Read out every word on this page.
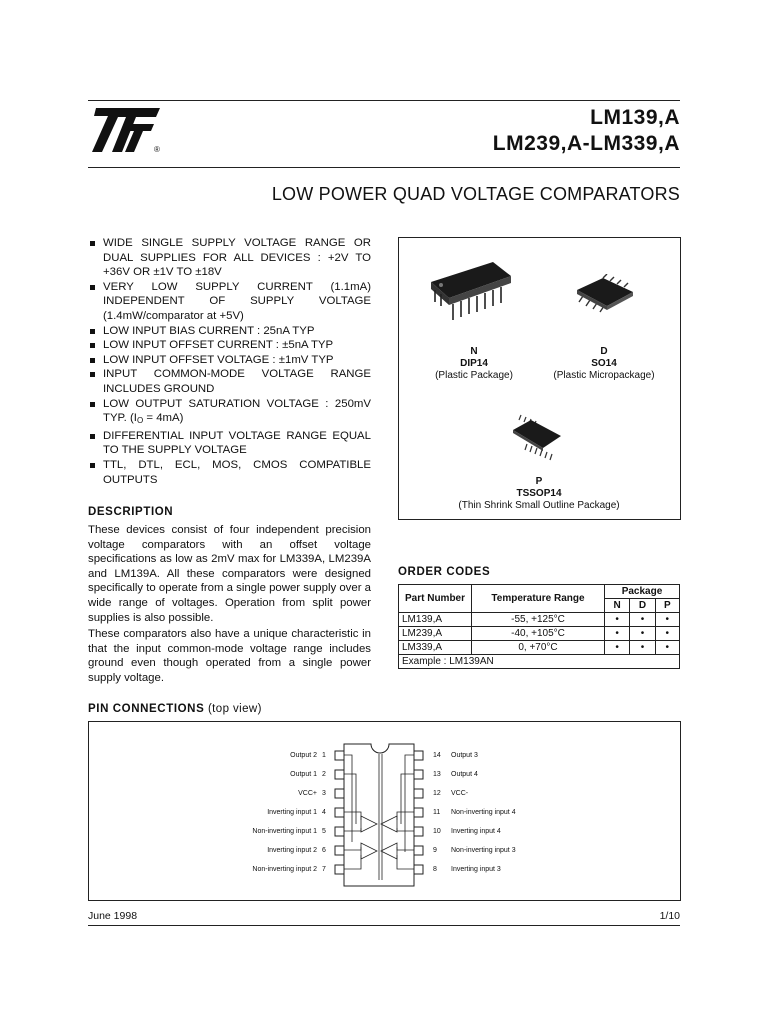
®
LM139,A
LM239,A-LM339,A
LOW POWER QUAD VOLTAGE COMPARATORS
WIDE SINGLE SUPPLY VOLTAGE RANGE OR DUAL SUPPLIES FOR ALL DEVICES : +2V TO +36V OR ±1V TO ±18V
VERY LOW SUPPLY CURRENT (1.1mA) INDEPENDENT OF SUPPLY VOLTAGE (1.4mW/comparator at +5V)
LOW INPUT BIAS CURRENT : 25nA TYP
LOW INPUT OFFSET CURRENT : ±5nA TYP
LOW INPUT OFFSET VOLTAGE : ±1mV TYP
INPUT COMMON-MODE VOLTAGE RANGE INCLUDES GROUND
LOW OUTPUT SATURATION VOLTAGE : 250mV TYP. $(I_O = 4mA)$
DIFFERENTIAL INPUT VOLTAGE RANGE EQUAL TO THE SUPPLY VOLTAGE
TTL, DTL, ECL, MOS, CMOS COMPATIBLE OUTPUTS
DESCRIPTION

These devices consist of four independent precision voltage comparators with an offset voltage specifications as low as 2mV max for LM339A, LM239A and LM139A. All these comparators were designed specifically to operate from a single power supply over a wide range of voltages. Operation from split power supplies is also possible.

These comparators also have a unique characteristic in that the input common-mode voltage range includes ground even though operated from a single power supply voltage.

N
DIP14
(Plastic Package)
D
SO14
(Plastic Micropackage)
P
TSSOP14
(Thin Shrink Small Outline Package)
ORDER CODES
Part Number	Temperature Range	Package		
		N	D	P
LM139,A	-55, +125°C	•	•	•
LM239,A	-40, +105°C	•	•	•
LM339,A	0, +70°C	•	•	•
Example : LM139AN				
PIN CONNECTIONS (top view)
Output 2
Output 1
VCC+
Inverting input 1
Non-inverting input 1
Inverting input 2
Non-inverting input 2
1
2
3
4
5
6
7
14
13
12
11
10
9
8
Output 3
Output 4
VCC-
Non-inverting input 4
Inverting input 4
Non-inverting input 3
Inverting input 3
June 1998	1/10
